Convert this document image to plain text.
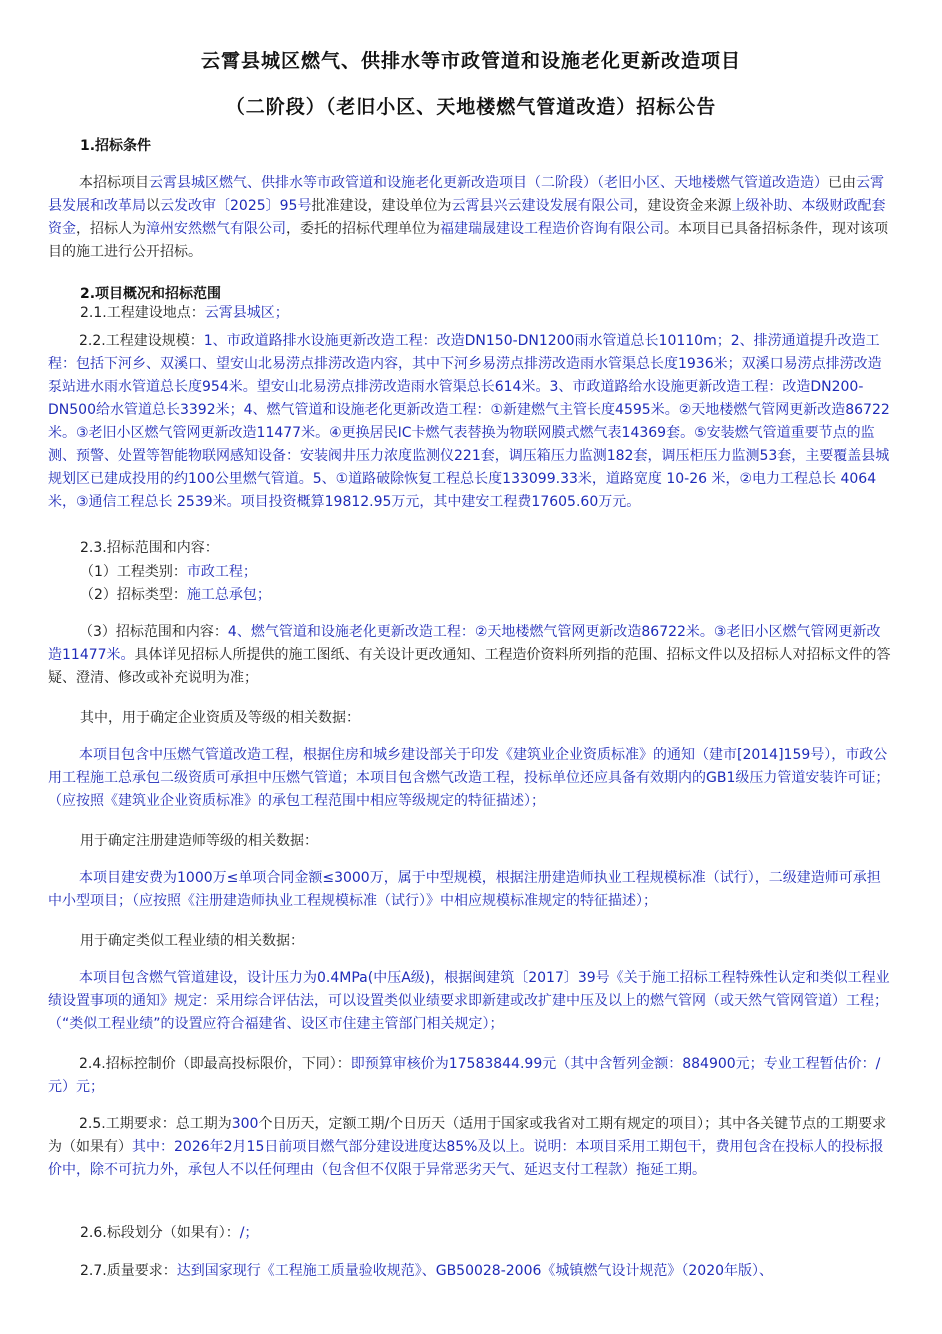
云霄县城区燃气、供排水等市政管道和设施老化更新改造项目
（二阶段）（老旧小区、天地楼燃气管道改造）招标公告
1.招标条件
本招标项目云霄县城区燃气、供排水等市政管道和设施老化更新改造项目（二阶段）（老旧小区、天地楼燃气管道改造造）已由云霄县发展和改革局以云发改审〔2025〕95号批准建设，建设单位为云霄县兴云建设发展有限公司，建设资金来源上级补助、本级财政配套资金，招标人为漳州安然燃气有限公司，委托的招标代理单位为福建瑞晟建设工程造价咨询有限公司。本项目已具备招标条件，现对该项目的施工进行公开招标。
2.项目概况和招标范围
2.1.工程建设地点：云霄县城区；
2.2.工程建设规模：1、市政道路排水设施更新改造工程：改造DN150-DN1200雨水管道总长10110m；2、排涝通道提升改造工程：包括下河乡、双溪口、望安山北易涝点排涝改造内容，其中下河乡易涝点排涝改造雨水管渠总长度1936米；双溪口易涝点排涝改造泵站进水雨水管道总长度954米。望安山北易涝点排涝改造雨水管渠总长614米。3、市政道路给水设施更新改造工程：改造DN200-DN500给水管道总长3392米；4、燃气管道和设施老化更新改造工程：①新建燃气主管长度4595米。②天地楼燃气管网更新改造86722米。③老旧小区燃气管网更新改造11477米。④更换居民IC卡燃气表替换为物联网膜式燃气表14369套。⑤安装燃气管道重要节点的监测、预警、处置等智能物联网感知设备：安装阀井压力浓度监测仪221套，调压箱压力监测182套，调压柜压力监测53套，主要覆盖县城规划区已建成投用的约100公里燃气管道。5、①道路破除恢复工程总长度133099.33米，道路宽度 10-26 米，②电力工程总长 4064米，③通信工程总长 2539米。项目投资概算19812.95万元，其中建安工程费17605.60万元。
2.3.招标范围和内容：
（1）工程类别：市政工程；
（2）招标类型：施工总承包；
（3）招标范围和内容：4、燃气管道和设施老化更新改造工程：②天地楼燃气管网更新改造86722米。③老旧小区燃气管网更新改造11477米。具体详见招标人所提供的施工图纸、有关设计更改通知、工程造价资料所列指的范围、招标文件以及招标人对招标文件的答疑、澄清、修改或补充说明为准；
其中，用于确定企业资质及等级的相关数据：
本项目包含中压燃气管道改造工程，根据住房和城乡建设部关于印发《建筑业企业资质标准》的通知（建市[2014]159号），市政公用工程施工总承包二级资质可承担中压燃气管道；本项目包含燃气改造工程，投标单位还应具备有效期内的GB1级压力管道安装许可证；（应按照《建筑业企业资质标准》的承包工程范围中相应等级规定的特征描述）；
用于确定注册建造师等级的相关数据：
本项目建安费为1000万≤单项合同金额≤3000万，属于中型规模，根据注册建造师执业工程规模标准（试行），二级建造师可承担中小型项目；（应按照《注册建造师执业工程规模标准（试行）》中相应规模标准规定的特征描述）；
用于确定类似工程业绩的相关数据：
本项目包含燃气管道建设，设计压力为0.4MPa(中压A级)，根据闽建筑〔2017〕39号《关于施工招标工程特殊性认定和类似工程业绩设置事项的通知》规定：采用综合评估法，可以设置类似业绩要求即新建或改扩建中压及以上的燃气管网（或天然气管网管道）工程；（“类似工程业绩”的设置应符合福建省、设区市住建主管部门相关规定）；
2.4.招标控制价（即最高投标限价，下同）：即预算审核价为17583844.99元（其中含暂列金额：884900元；专业工程暂估价：/元）元；
2.5.工期要求：总工期为300个日历天，定额工期/个日历天（适用于国家或我省对工期有规定的项目）；其中各关键节点的工期要求为（如果有）其中：2026年2月15日前项目燃气部分建设进度达85%及以上。说明：本项目采用工期包干，费用包含在投标人的投标报价中，除不可抗力外，承包人不以任何理由（包含但不仅限于异常恶劣天气、延迟支付工程款）拖延工期。
2.6.标段划分（如果有）：/；
2.7.质量要求：达到国家现行《工程施工质量验收规范》、GB50028-2006《城镇燃气设计规范》（2020年版）、
